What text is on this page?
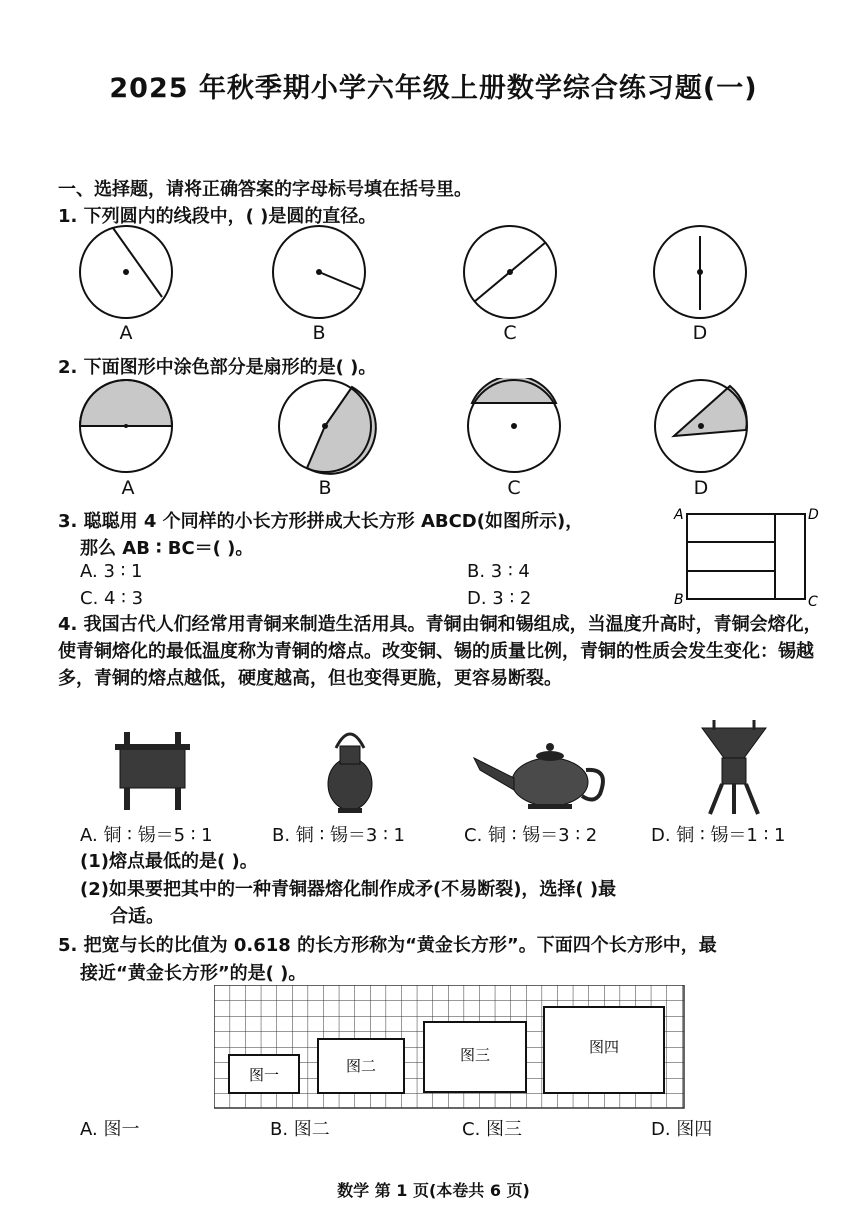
2025 年秋季期小学六年级上册数学综合练习题(一)
一、选择题，请将正确答案的字母标号填在括号里。
1. 下列圆内的线段中，( )是圆的直径。
A	B	C	D
2. 下面图形中涂色部分是扇形的是( )。
A	B	C	D
3. 聪聪用 4 个同样的小长方形拼成大长方形 ABCD(如图所示)，
那么 AB ∶ BC＝( )。
A. 3 ∶ 1	B. 3 ∶ 4
C. 4 ∶ 3	D. 3 ∶ 2
A	D
B	C
4. 我国古代人们经常用青铜来制造生活用具。青铜由铜和锡组成，当温度升高时，青铜会熔化，使青铜熔化的最低温度称为青铜的熔点。改变铜、锡的质量比例，青铜的性质会发生变化：锡越多，青铜的熔点越低，硬度越高，但也变得更脆，更容易断裂。
A. 铜 ∶ 锡＝5 ∶ 1	B. 铜 ∶ 锡＝3 ∶ 1	C. 铜 ∶ 锡＝3 ∶ 2	D. 铜 ∶ 锡＝1 ∶ 1
(1)熔点最低的是( )。
(2)如果要把其中的一种青铜器熔化制作成矛(不易断裂)，选择( )最
合适。
5. 把宽与长的比值为 0.618 的长方形称为“黄金长方形”。下面四个长方形中，最
接近“黄金长方形”的是( )。
图一	图二
图三	图四
A. 图一	B. 图二	C. 图三	D. 图四
数学 第 1 页(本卷共 6 页)
